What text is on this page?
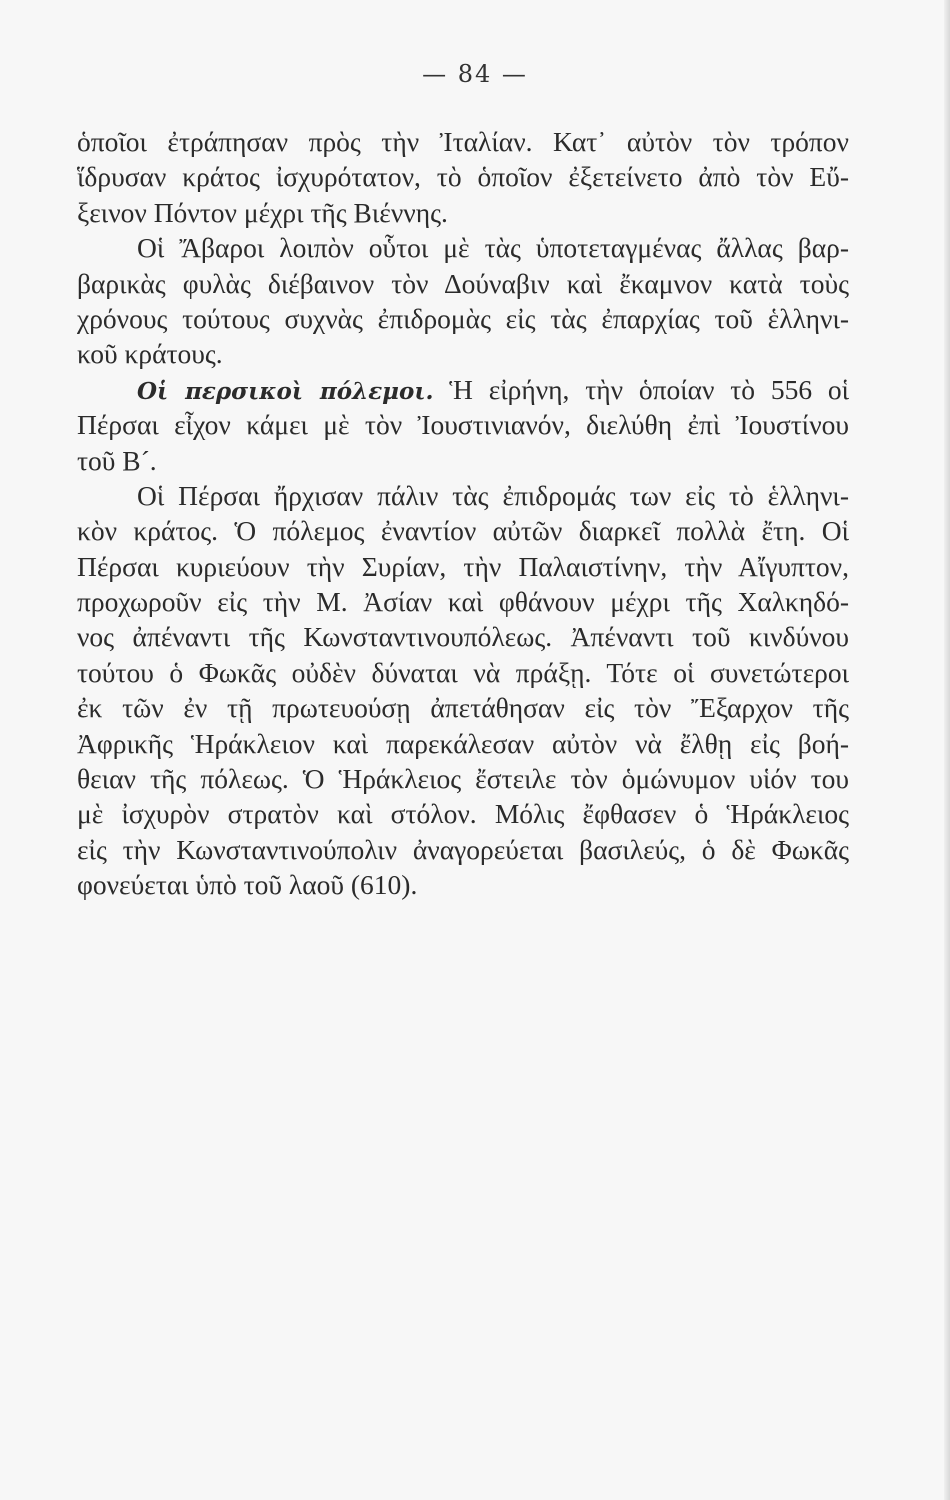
— 84 —
ὁποῖοι ἐτράπησαν πρὸς τὴν Ἰταλίαν. Κατ᾽ αὐτὸν τὸν τρόπον
ἵδρυσαν κράτος ἰσχυρότατον, τὸ ὁποῖον ἐξετείνετο ἀπὸ τὸν Εὔ-
ξεινον Πόντον μέχρι τῆς Βιέννης.
Οἱ Ἄβαροι λοιπὸν οὗτοι μὲ τὰς ὑποτεταγμένας ἄλλας βαρ-
βαρικὰς φυλὰς διέβαινον τὸν Δούναβιν καὶ ἔκαμνον κατὰ τοὺς
χρόνους τούτους συχνὰς ἐπιδρομὰς εἰς τὰς ἐπαρχίας τοῦ ἑλληνι-
κοῦ κράτους.
Οἱ περσικοὶ πόλεμοι. Ἡ εἰρήνη, τὴν ὁποίαν τὸ 556 οἱ
Πέρσαι εἶχον κάμει μὲ τὸν Ἰουστινιανόν, διελύθη ἐπὶ Ἰουστίνου
τοῦ Β´.
Οἱ Πέρσαι ἤρχισαν πάλιν τὰς ἐπιδρομάς των εἰς τὸ ἑλληνι-
κὸν κράτος. Ὁ πόλεμος ἐναντίον αὐτῶν διαρκεῖ πολλὰ ἔτη. Οἱ
Πέρσαι κυριεύουν τὴν Συρίαν, τὴν Παλαιστίνην, τὴν Αἴγυπτον,
προχωροῦν εἰς τὴν Μ. Ἀσίαν καὶ φθάνουν μέχρι τῆς Χαλκηδό-
νος ἀπέναντι τῆς Κωνσταντινουπόλεως. Ἀπέναντι τοῦ κινδύνου
τούτου ὁ Φωκᾶς οὐδὲν δύναται νὰ πράξῃ. Τότε οἱ συνετώτεροι
ἐκ τῶν ἐν τῇ πρωτευούσῃ ἀπετάθησαν εἰς τὸν Ἔξαρχον τῆς
Ἀφρικῆς Ἡράκλειον καὶ παρεκάλεσαν αὐτὸν νὰ ἔλθῃ εἰς βοή-
θειαν τῆς πόλεως. Ὁ Ἡράκλειος ἔστειλε τὸν ὁμώνυμον υἱόν του
μὲ ἰσχυρὸν στρατὸν καὶ στόλον. Μόλις ἔφθασεν ὁ Ἡράκλειος
εἰς τὴν Κωνσταντινούπολιν ἀναγορεύεται βασιλεύς, ὁ δὲ Φωκᾶς
φονεύεται ὑπὸ τοῦ λαοῦ (610).
